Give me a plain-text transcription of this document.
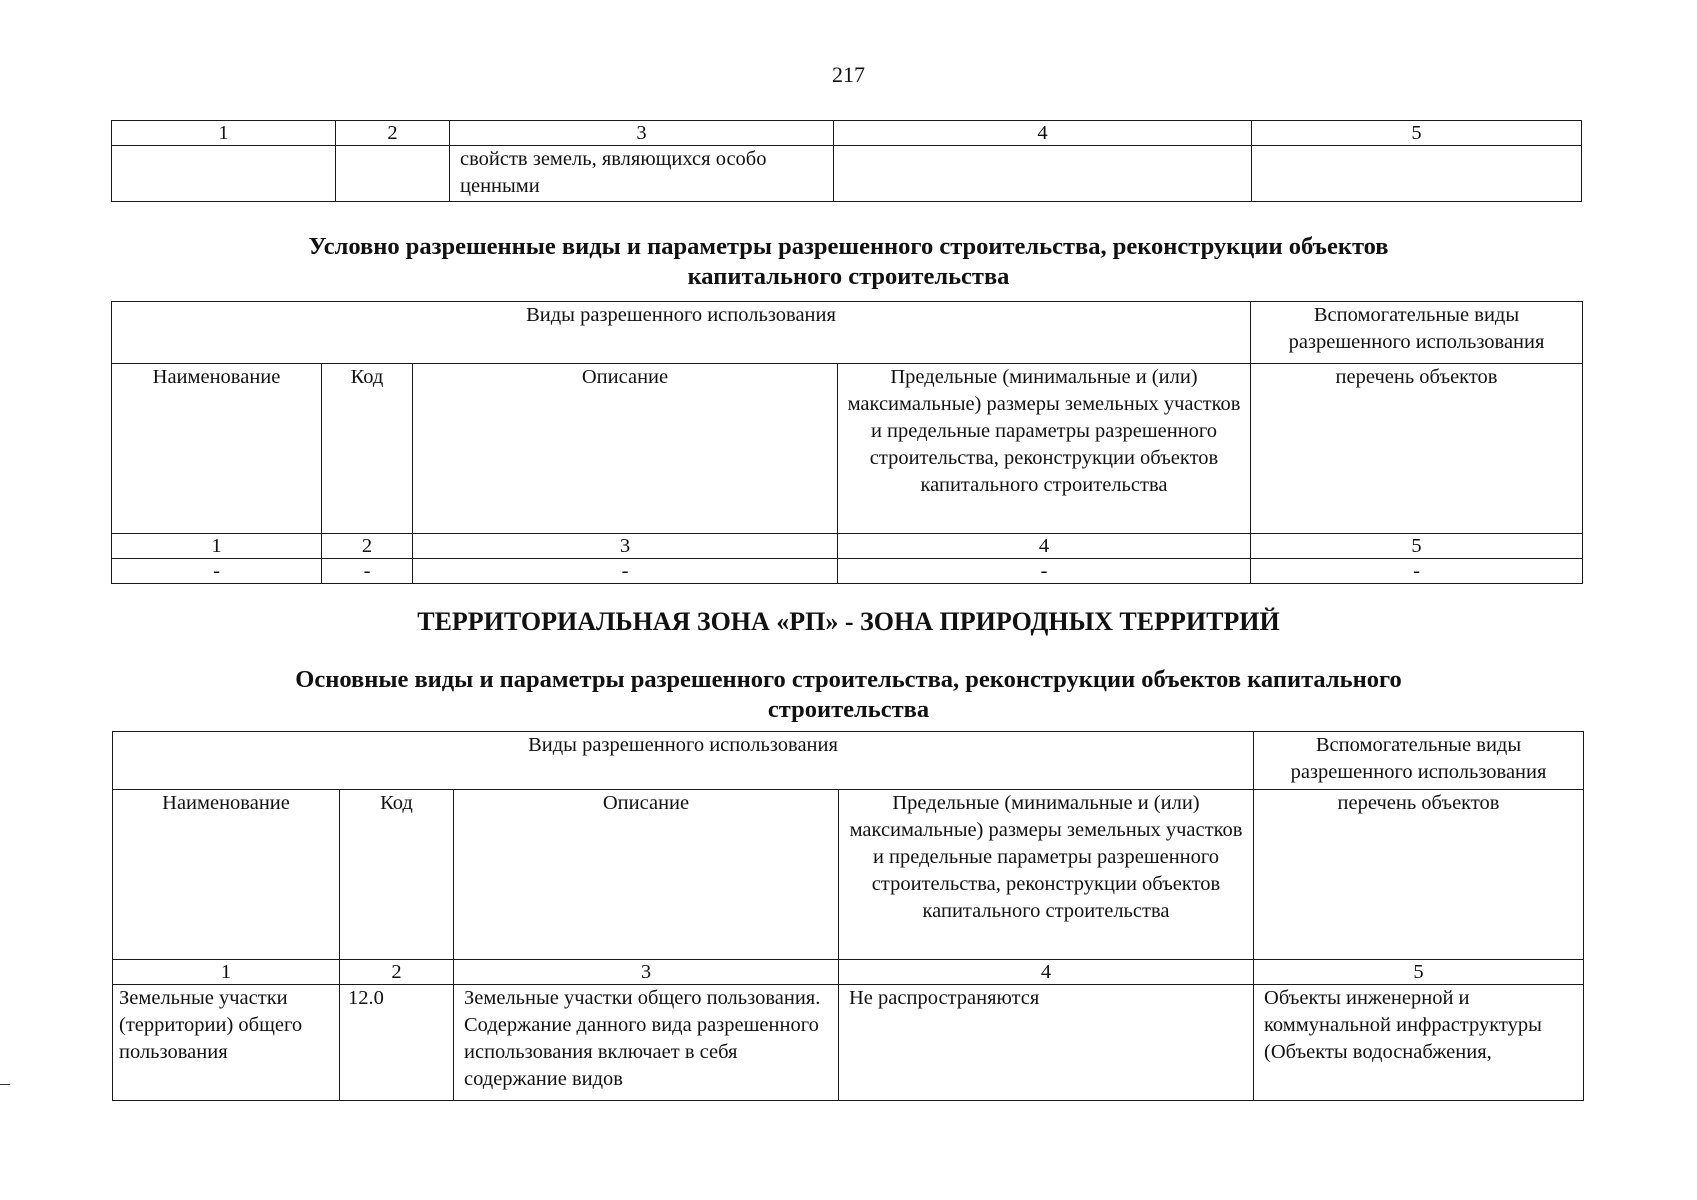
217
1	2	3	4	5
		свойств земель, являющихся особо ценными		
Условно разрешенные виды и параметры разрешенного строительства, реконструкции объектов
капитального строительства
Виды разрешенного использования				Вспомогательные виды разрешенного использования
Наименование	Код	Описание	Предельные (минимальные и (или) максимальные) размеры земельных участков и предельные параметры разрешенного строительства, реконструкции объектов капитального строительства	перечень объектов
1	2	3	4	5
-	-	-	-	-
ТЕРРИТОРИАЛЬНАЯ ЗОНА «РП» - ЗОНА ПРИРОДНЫХ ТЕРРИТРИЙ
Основные виды и параметры разрешенного строительства, реконструкции объектов капитального
строительства
Виды разрешенного использования				Вспомогательные виды разрешенного использования
Наименование	Код	Описание	Предельные (минимальные и (или) максимальные) размеры земельных участков и предельные параметры разрешенного строительства, реконструкции объектов капитального строительства	перечень объектов
1	2	3	4	5
Земельные участки (территории) общего пользования	12.0	Земельные участки общего пользования. Содержание данного вида разрешенного использования включает в себя содержание видов	Не распространяются	Объекты инженерной и коммунальной инфраструктуры (Объекты водоснабжения,
–
